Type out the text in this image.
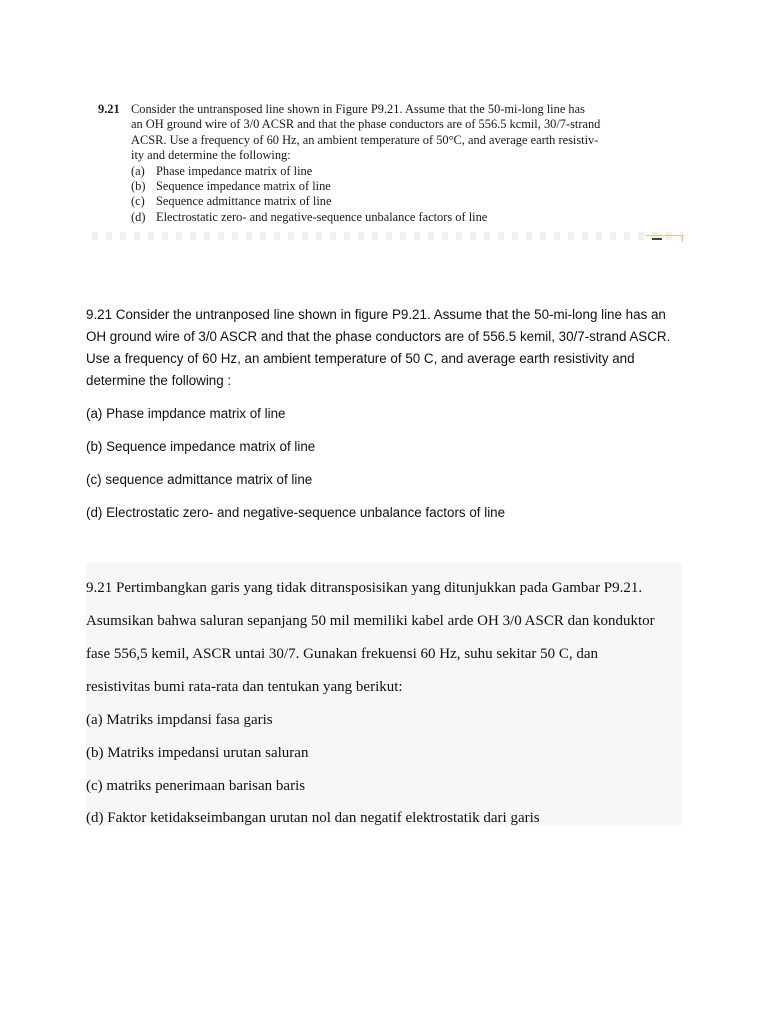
9.21 Consider the untransposed line shown in Figure P9.21. Assume that the 50-mi-long line has
an OH ground wire of 3/0 ACSR and that the phase conductors are of 556.5 kcmil, 30/7-strand
ACSR. Use a frequency of 60 Hz, an ambient temperature of 50°C, and average earth resistiv-
ity and determine the following:
(a) Phase impedance matrix of line
(b) Sequence impedance matrix of line
(c) Sequence admittance matrix of line
(d) Electrostatic zero- and negative-sequence unbalance factors of line

9.21 Consider the untranposed line shown in figure P9.21. Assume that the 50-mi-long line has an OH ground wire of 3/0 ASCR and that the phase conductors are of 556.5 kemil, 30/7-strand ASCR. Use a frequency of 60 Hz, an ambient temperature of 50 C, and average earth resistivity and determine the following :

(a) Phase impdance matrix of line

(b) Sequence impedance matrix of line

(c) sequence admittance matrix of line

(d) Electrostatic zero- and negative-sequence unbalance factors of line

9.21 Pertimbangkan garis yang tidak ditransposisikan yang ditunjukkan pada Gambar P9.21.
Asumsikan bahwa saluran sepanjang 50 mil memiliki kabel arde OH 3/0 ASCR dan konduktor
fase 556,5 kemil, ASCR untai 30/7. Gunakan frekuensi 60 Hz, suhu sekitar 50 C, dan
resistivitas bumi rata-rata dan tentukan yang berikut:
(a) Matriks impdansi fasa garis
(b) Matriks impedansi urutan saluran
(c) matriks penerimaan barisan baris
(d) Faktor ketidakseimbangan urutan nol dan negatif elektrostatik dari garis
